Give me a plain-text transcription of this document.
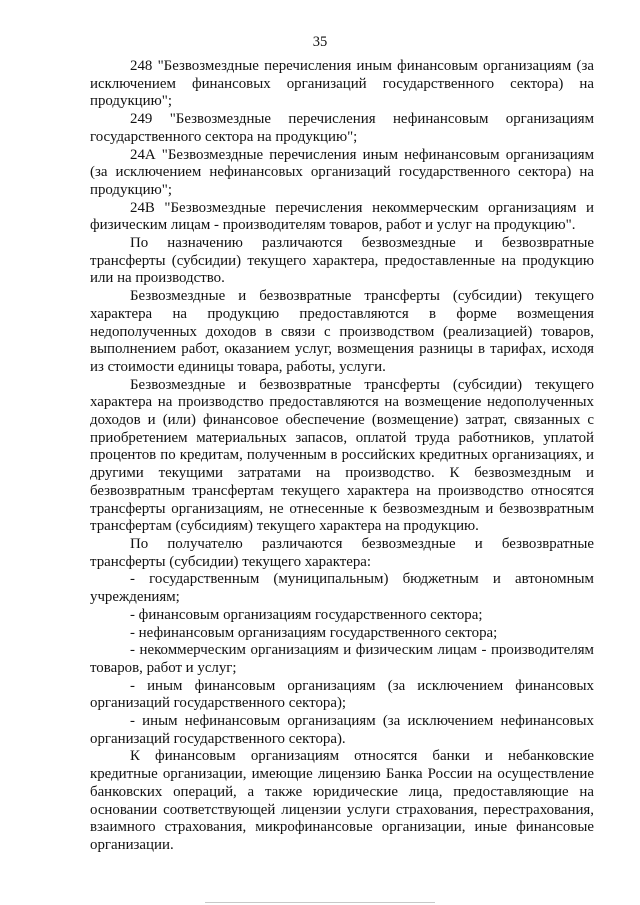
35

248 "Безвозмездные перечисления иным финансовым организациям (за исключением финансовых организаций государственного сектора) на продукцию";

249 "Безвозмездные перечисления нефинансовым организациям государственного сектора на продукцию";

24А "Безвозмездные перечисления иным нефинансовым организациям (за исключением нефинансовых организаций государственного сектора) на продукцию";

24В "Безвозмездные перечисления некоммерческим организациям и физическим лицам - производителям товаров, работ и услуг на продукцию".

По назначению различаются безвозмездные и безвозвратные трансферты (субсидии) текущего характера, предоставленные на продукцию или на производство.

Безвозмездные и безвозвратные трансферты (субсидии) текущего характера на продукцию предоставляются в форме возмещения недополученных доходов в связи с производством (реализацией) товаров, выполнением работ, оказанием услуг, возмещения разницы в тарифах, исходя из стоимости единицы товара, работы, услуги.

Безвозмездные и безвозвратные трансферты (субсидии) текущего характера на производство предоставляются на возмещение недополученных доходов и (или) финансовое обеспечение (возмещение) затрат, связанных с приобретением материальных запасов, оплатой труда работников, уплатой процентов по кредитам, полученным в российских кредитных организациях, и другими текущими затратами на производство. К безвозмездным и безвозвратным трансфертам текущего характера на производство относятся трансферты организациям, не отнесенные к безвозмездным и безвозвратным трансфертам (субсидиям) текущего характера на продукцию.

По получателю различаются безвозмездные и безвозвратные трансферты (субсидии) текущего характера:

- государственным (муниципальным) бюджетным и автономным учреждениям;

- финансовым организациям государственного сектора;

- нефинансовым организациям государственного сектора;

- некоммерческим организациям и физическим лицам - производителям товаров, работ и услуг;

- иным финансовым организациям (за исключением финансовых организаций государственного сектора);

- иным нефинансовым организациям (за исключением нефинансовых организаций государственного сектора).

К финансовым организациям относятся банки и небанковские кредитные организации, имеющие лицензию Банка России на осуществление банковских операций, а также юридические лица, предоставляющие на основании соответствующей лицензии услуги страхования, перестрахования, взаимного страхования, микрофинансовые организации, иные финансовые организации.
